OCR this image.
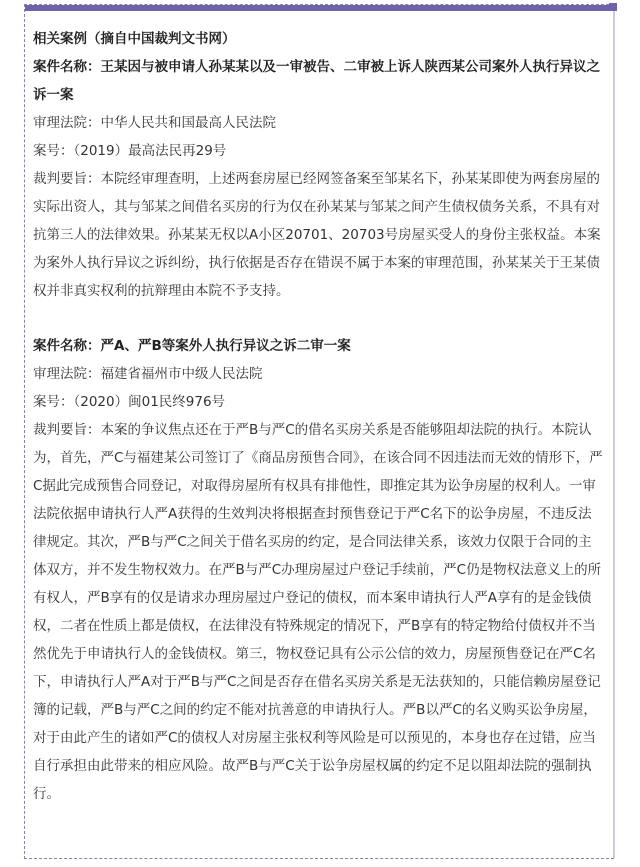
相关案例（摘自中国裁判文书网）

案件名称：王某因与被申请人孙某某以及一审被告、二审被上诉人陕西某公司案外人执行异议之诉一案

审理法院：中华人民共和国最高人民法院

案号：（2019）最高法民再29号

裁判要旨：本院经审理查明，上述两套房屋已经网签备案至邹某名下，孙某某即使为两套房屋的实际出资人，其与邹某之间借名买房的行为仅在孙某某与邹某之间产生债权债务关系，不具有对抗第三人的法律效果。孙某某无权以A小区20701、20703号房屋买受人的身份主张权益。本案为案外人执行异议之诉纠纷，执行依据是否存在错误不属于本案的审理范围，孙某某关于王某债权并非真实权利的抗辩理由本院不予支持。

案件名称：严A、严B等案外人执行异议之诉二审一案

审理法院：福建省福州市中级人民法院

案号：（2020）闽01民终976号

裁判要旨：本案的争议焦点还在于严B与严C的借名买房关系是否能够阻却法院的执行。本院认为，首先，严C与福建某公司签订了《商品房预售合同》，在该合同不因违法而无效的情形下，严C据此完成预售合同登记，对取得房屋所有权具有排他性，即推定其为讼争房屋的权利人。一审法院依据申请执行人严A获得的生效判决将根据查封预售登记于严C名下的讼争房屋，不违反法律规定。其次，严B与严C之间关于借名买房的约定，是合同法律关系，该效力仅限于合同的主体双方，并不发生物权效力。在严B与严C办理房屋过户登记手续前，严C仍是物权法意义上的所有权人，严B享有的仅是请求办理房屋过户登记的债权，而本案申请执行人严A享有的是金钱债权，二者在性质上都是债权，在法律没有特殊规定的情况下，严B享有的特定物给付债权并不当然优先于申请执行人的金钱债权。第三，物权登记具有公示公信的效力，房屋预售登记在严C名下，申请执行人严A对于严B与严C之间是否存在借名买房关系是无法获知的，只能信赖房屋登记簿的记载，严B与严C之间的约定不能对抗善意的申请执行人。严B以严C的名义购买讼争房屋，对于由此产生的诸如严C的债权人对房屋主张权利等风险是可以预见的，本身也存在过错，应当自行承担由此带来的相应风险。故严B与严C关于讼争房屋权属的约定不足以阻却法院的强制执行。
